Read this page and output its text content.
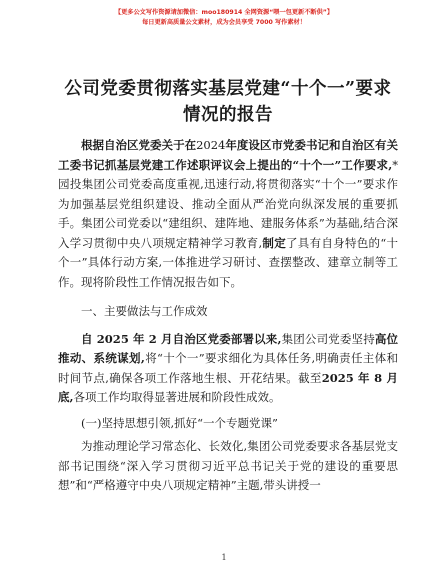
【更多公文写作资源请加微信：moo180914 全网资源“喂一包更新不断供”】
每日更新高质量公文素材，成为会员享受 7000 写作素材！
公司党委贯彻落实基层党建“十个一”要求情况的报告

根据自治区党委关于在2024年度设区市党委书记和自治区有关工委书记抓基层党建工作述职评议会上提出的“十个一”工作要求,*园投集团公司党委高度重视,迅速行动,将贯彻落实“十个一”要求作为加强基层党组织建设、推动全面从严治党向纵深发展的重要抓手。集团公司党委以“建组织、建阵地、建服务体系”为基础,结合深入学习贯彻中央八项规定精神学习教育,制定了具有自身特色的“十个一”具体行动方案,一体推进学习研讨、查摆整改、建章立制等工作。现将阶段性工作情况报告如下。

一、主要做法与工作成效

自 2025 年 2 月自治区党委部署以来,集团公司党委坚持高位推动、系统谋划,将“十个一”要求细化为具体任务,明确责任主体和时间节点,确保各项工作落地生根、开花结果。截至2025 年 8 月底,各项工作均取得显著进展和阶段性成效。

(一)坚持思想引领,抓好“一个专题党课”

为推动理论学习常态化、长效化,集团公司党委要求各基层党支部书记围绕“深入学习贯彻习近平总书记关于党的建设的重要思想”和“严格遵守中央八项规定精神”主题,带头讲授一

1
